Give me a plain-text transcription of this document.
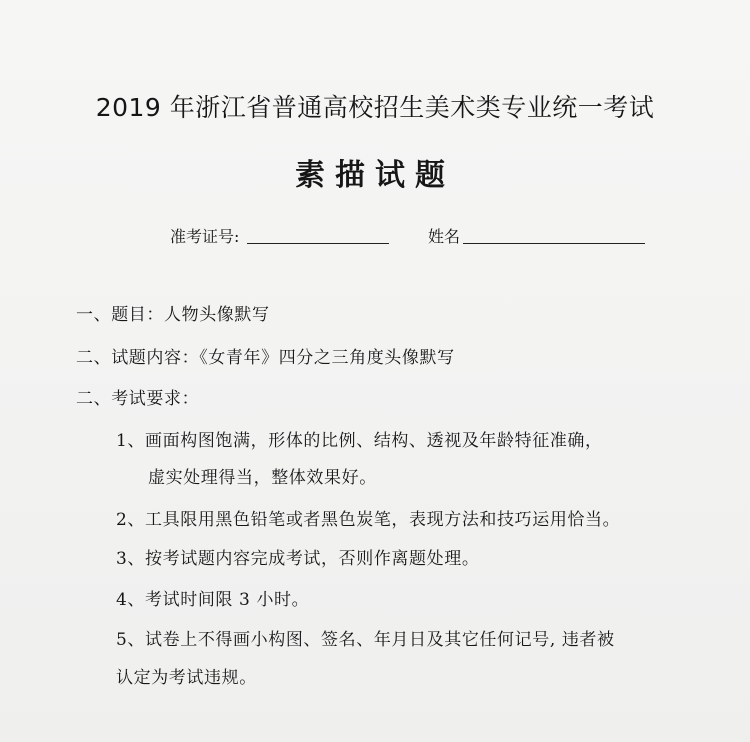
2019 年浙江省普通高校招生美术类专业统一考试
素描试题
准考证号:	姓名
一、题目：人物头像默写
二、试题内容：《女青年》四分之三角度头像默写
二、考试要求：
1、画面构图饱满，形体的比例、结构、透视及年龄特征准确，
虚实处理得当，整体效果好。
2、工具限用黑色铅笔或者黑色炭笔，表现方法和技巧运用恰当。
3、按考试题内容完成考试，否则作离题处理。
4、考试时间限 3 小时。
5、试卷上不得画小构图、签名、年月日及其它任何记号, 违者被
认定为考试违规。
